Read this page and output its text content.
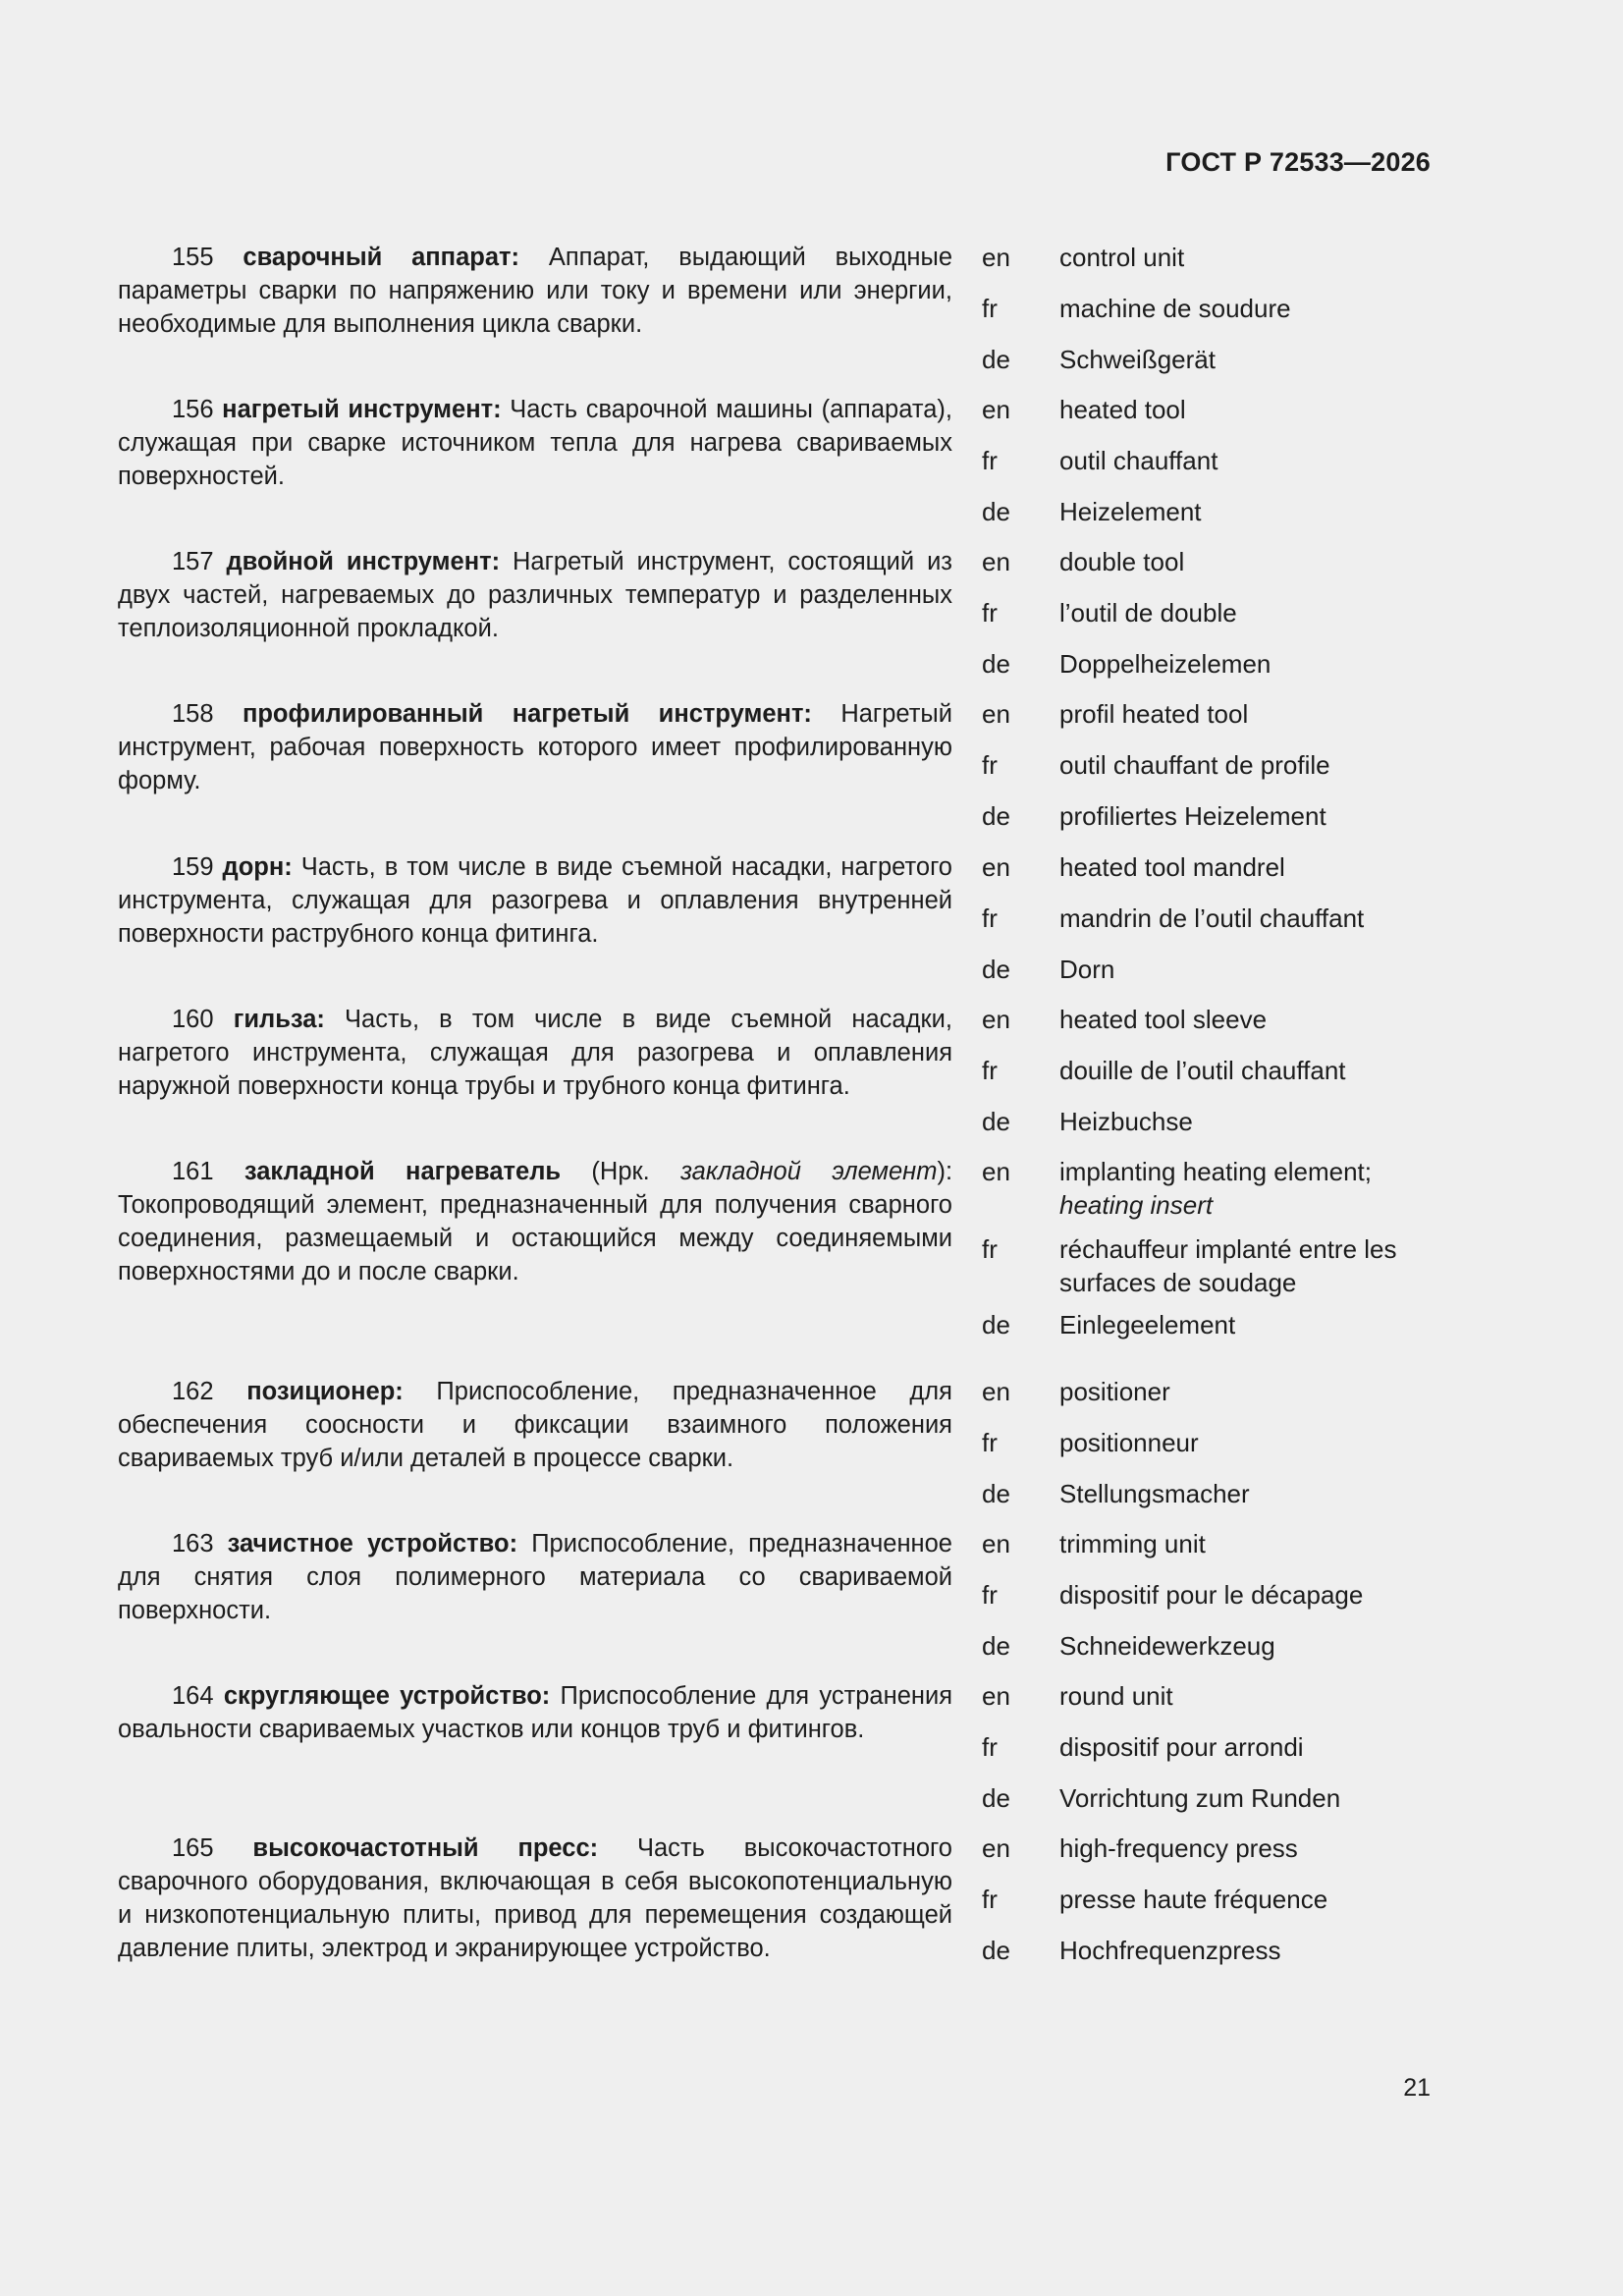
ГОСТ Р 72533—2026
155 сварочный аппарат: Аппарат, выдающий выходные параметры сварки по напряжению или току и времени или энергии, необходимые для выполнения цикла сварки.
en	control unit
fr	machine de soudure
de	Schweißgerät
156 нагретый инструмент: Часть сварочной машины (аппарата), служащая при сварке источником тепла для нагрева свариваемых поверхностей.
en	heated tool
fr	outil chauffant
de	Heizelement
157 двойной инструмент: Нагретый инструмент, состоящий из двух частей, нагреваемых до различных температур и разделенных теплоизоляционной прокладкой.
en	double tool
fr	l’outil de double
de	Doppelheizelemen
158 профилированный нагретый инструмент: Нагретый инструмент, рабочая поверхность которого имеет профилированную форму.
en	profil heated tool
fr	outil chauffant de profile
de	profiliertes Heizelement
159 дорн: Часть, в том числе в виде съемной насадки, нагретого инструмента, служащая для разогрева и оплавления внутренней поверхности раструбного конца фитинга.
en	heated tool mandrel
fr	mandrin de l’outil chauffant
de	Dorn
160 гильза: Часть, в том числе в виде съемной насадки, нагретого инструмента, служащая для разогрева и оплавления наружной поверхности конца трубы и трубного конца фитинга.
en	heated tool sleeve
fr	douille de l’outil chauffant
de	Heizbuchse
161 закладной нагреватель (Нрк. закладной элемент): Токопроводящий элемент, предназначенный для получения сварного соединения, размещаемый и остающийся между соединяемыми поверхностями до и после сварки.
en	implanting heating element;
heating insert
fr	réchauffeur implanté entre les surfaces de soudage
de	Einlegeelement
162 позиционер: Приспособление, предназначенное для обеспечения соосности и фиксации взаимного положения свариваемых труб и/или деталей в процессе сварки.
en	positioner
fr	positionneur
de	Stellungsmacher
163 зачистное устройство: Приспособление, предназначенное для снятия слоя полимерного материала со свариваемой поверхности.
en	trimming unit
fr	dispositif pour le décapage
de	Schneidewerkzeug
164 скругляющее устройство: Приспособление для устранения овальности свариваемых участков или концов труб и фитингов.
en	round unit
fr	dispositif pour arrondi
de	Vorrichtung zum Runden
165 высокочастотный пресс: Часть высокочастотного сварочного оборудования, включающая в себя высокопотенциальную и низкопотенциальную плиты, привод для перемещения создающей давление плиты, электрод и экранирующее устройство.
en	high-frequency press
fr	presse haute fréquence
de	Hochfrequenzpress
21
